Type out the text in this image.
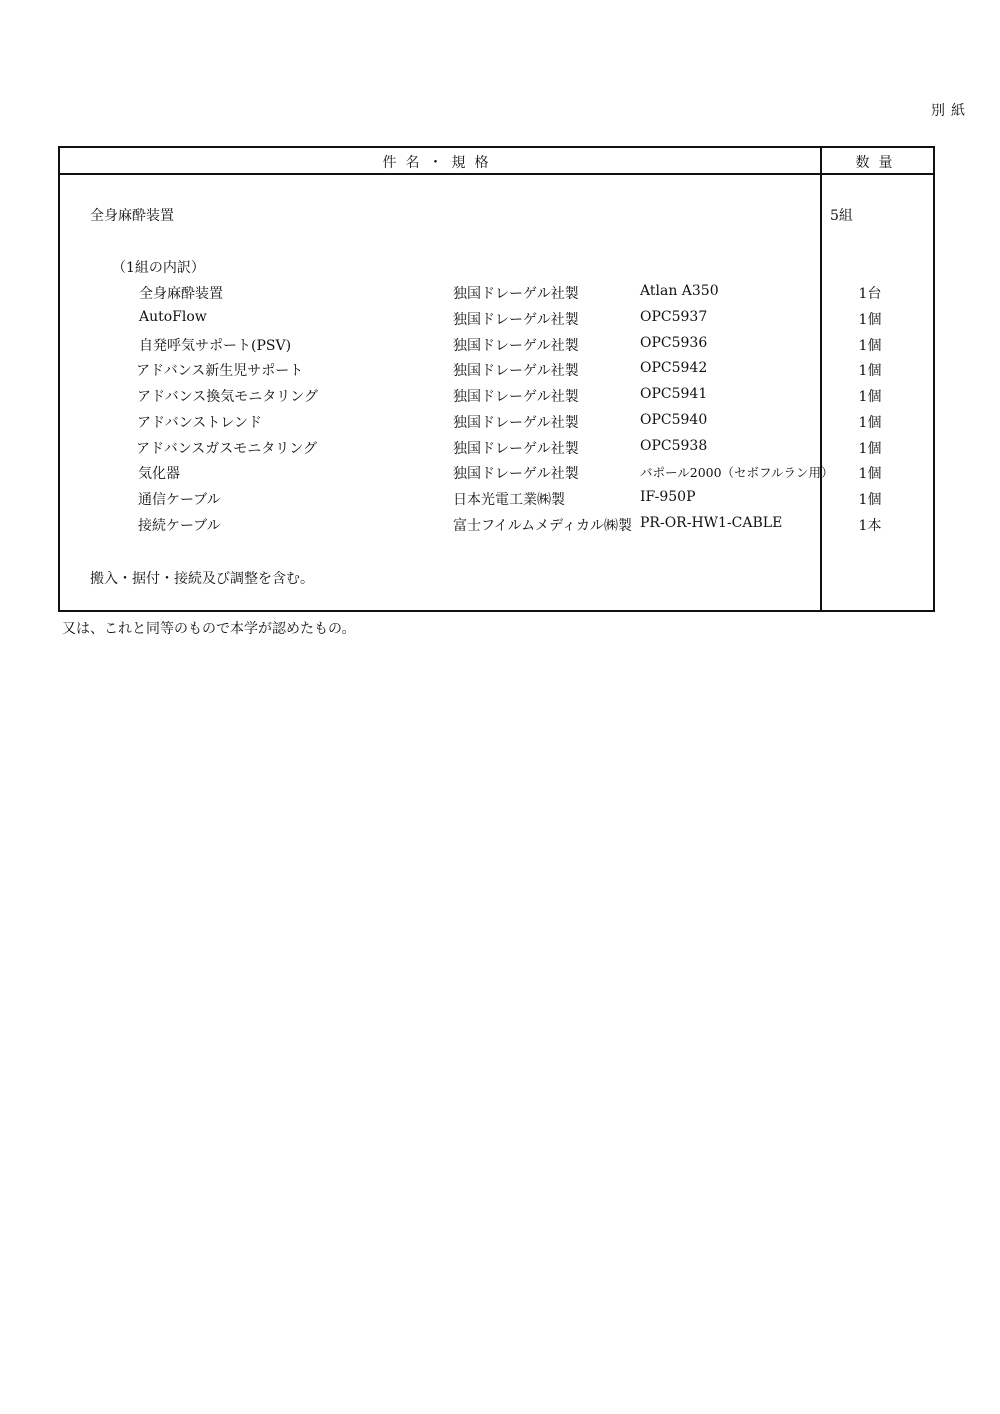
別紙
件名・規格	数量
全身麻酔装置	5組
（1組の内訳）
全身麻酔装置	独国ドレーゲル社製	Atlan A350	1台
AutoFlow	独国ドレーゲル社製	OPC5937	1個
自発呼気サポート(PSV)	独国ドレーゲル社製	OPC5936	1個
アドバンス新生児サポート	独国ドレーゲル社製	OPC5942	1個
アドバンス換気モニタリング	独国ドレーゲル社製	OPC5941	1個
アドバンストレンド	独国ドレーゲル社製	OPC5940	1個
アドバンスガスモニタリング	独国ドレーゲル社製	OPC5938	1個
気化器	独国ドレーゲル社製	バポール2000（セボフルラン用）	1個
通信ケーブル	日本光電工業㈱製	IF-950P	1個
接続ケーブル	富士フイルムメディカル㈱製 PR-OR-HW1-CABLE	1本
搬入・据付・接続及び調整を含む。
又は、これと同等のもので本学が認めたもの。
